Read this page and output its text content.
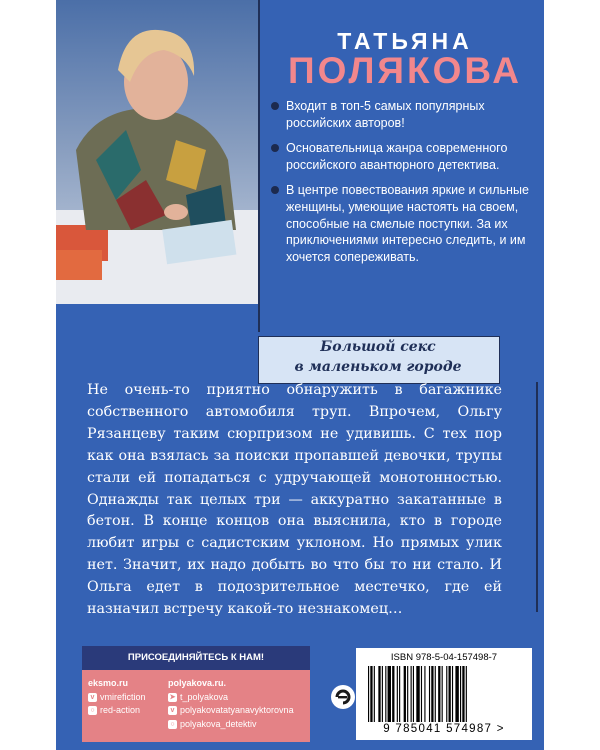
ТАТЬЯНА
ПОЛЯКОВА
Входит в топ-5 самых популярных российских авторов!
Основательница жанра современного российского авантюрного детектива.
В центре повествования яркие и сильные женщины, умеющие настоять на своем, способные на смелые поступки. За их приключениями интересно следить, и им хочется сопереживать.
Большой секс
в маленьком городе

Не очень-то приятно обнаружить в багажнике собственного автомобиля труп. Впрочем, Ольгу Рязанцеву таким сюрпризом не удивишь. С тех пор как она взялась за поиски пропавшей девочки, трупы стали ей попадаться с удручающей монотонностью. Однажды так целых три — аккуратно закатанные в бетон. В конце концов она выяснила, кто в городе любит игры с садистским уклоном. Но прямых улик нет. Значит, их надо добыть во что бы то ни стало. И Ольга едет в подозрительное местечко, где ей назначил встречу какой-то незнакомец…

ПРИСОЕДИНЯЙТЕСЬ К НАМ!
eksmo.ru
v vmirefiction
○ red-action
polyakova.ru.
➤ t_polyakova
v polyakovatatyanavyktorovna
○ polyakova_detektiv
ISBN 978-5-04-157498-7
9 785041 574987 >
